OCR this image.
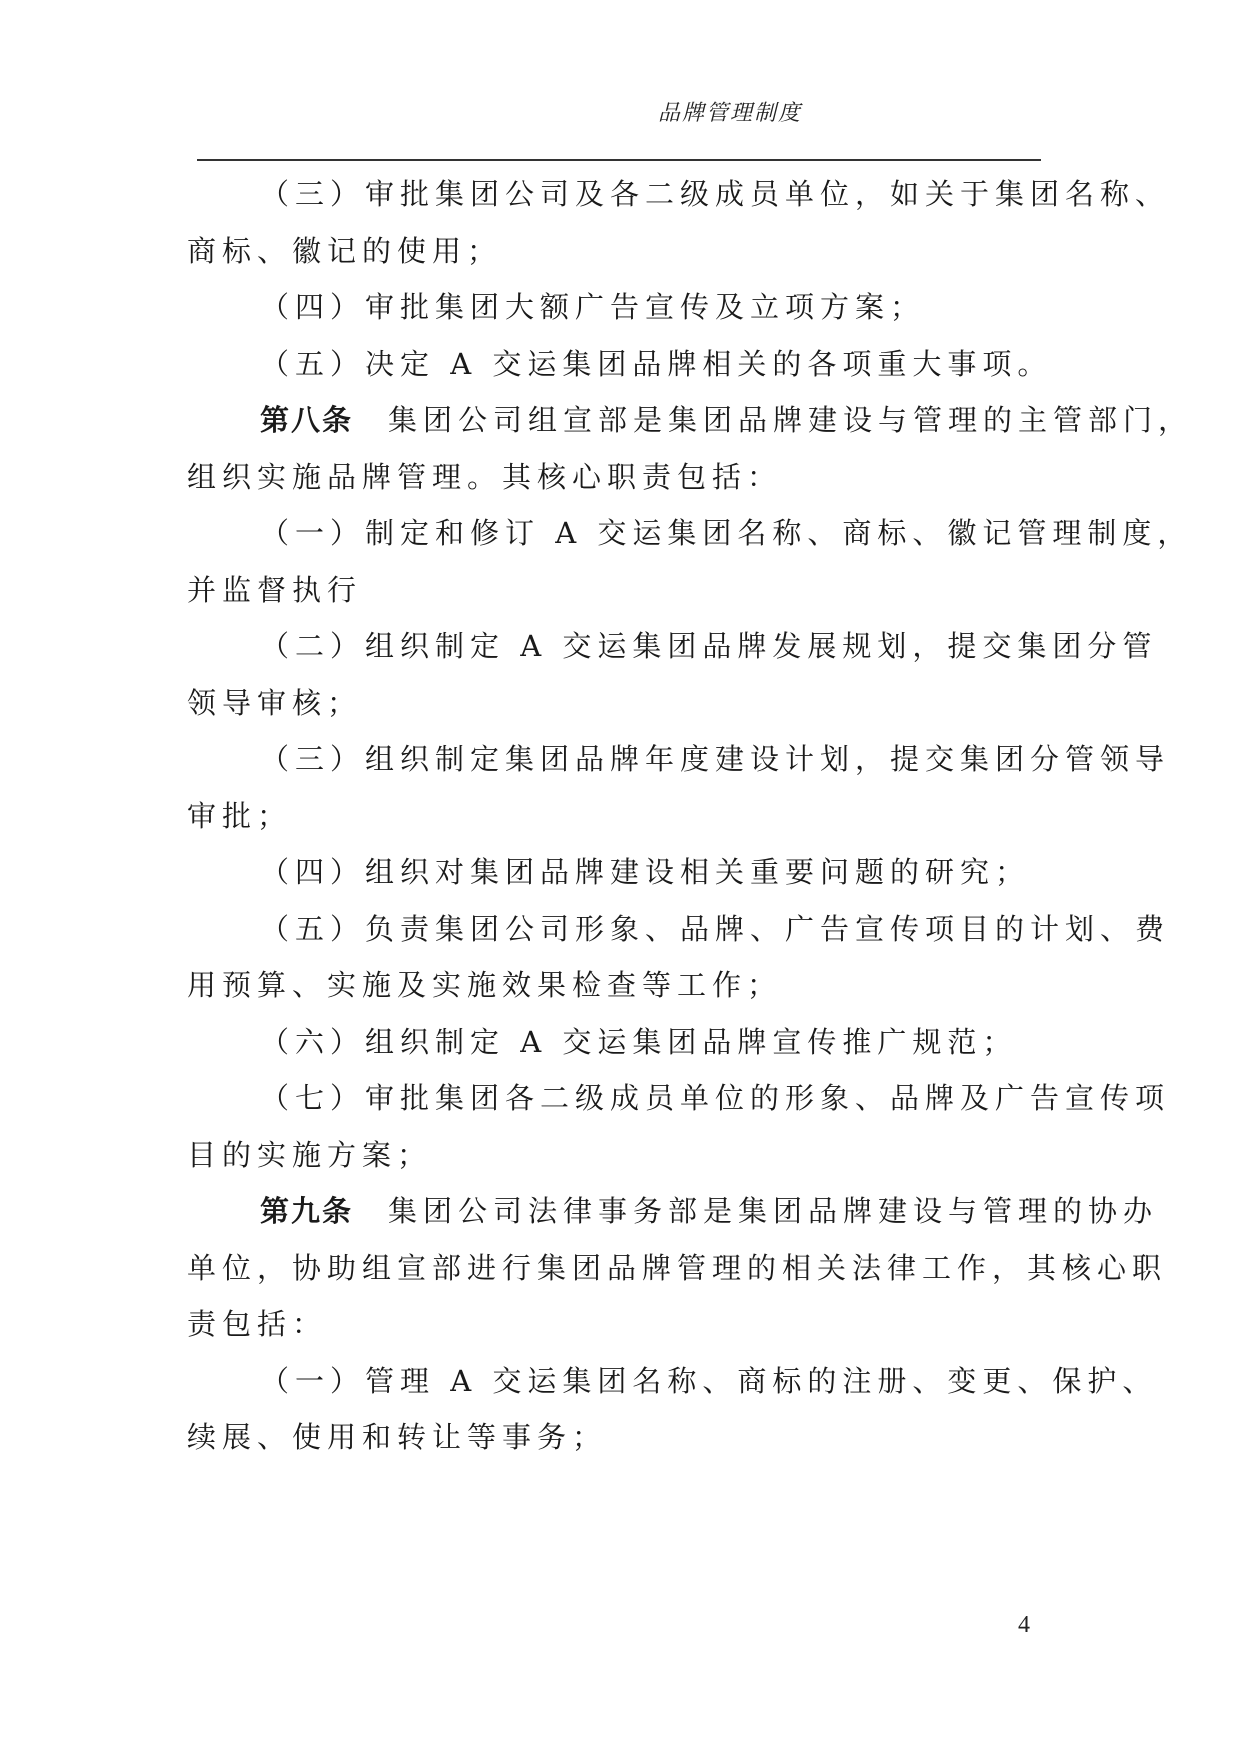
品牌管理制度
（三）审批集团公司及各二级成员单位，如关于集团名称、
商标、徽记的使用；
（四）审批集团大额广告宣传及立项方案；
（五）决定 A 交运集团品牌相关的各项重大事项。
第八条　集团公司组宣部是集团品牌建设与管理的主管部门，
组织实施品牌管理。其核心职责包括：
（一）制定和修订 A 交运集团名称、商标、徽记管理制度，
并监督执行
（二）组织制定 A 交运集团品牌发展规划，提交集团分管
领导审核；
（三）组织制定集团品牌年度建设计划，提交集团分管领导
审批；
（四）组织对集团品牌建设相关重要问题的研究；
（五）负责集团公司形象、品牌、广告宣传项目的计划、费
用预算、实施及实施效果检查等工作；
（六）组织制定 A 交运集团品牌宣传推广规范；
（七）审批集团各二级成员单位的形象、品牌及广告宣传项
目的实施方案；
第九条　集团公司法律事务部是集团品牌建设与管理的协办
单位，协助组宣部进行集团品牌管理的相关法律工作，其核心职
责包括：
（一）管理 A 交运集团名称、商标的注册、变更、保护、
续展、使用和转让等事务；
4
